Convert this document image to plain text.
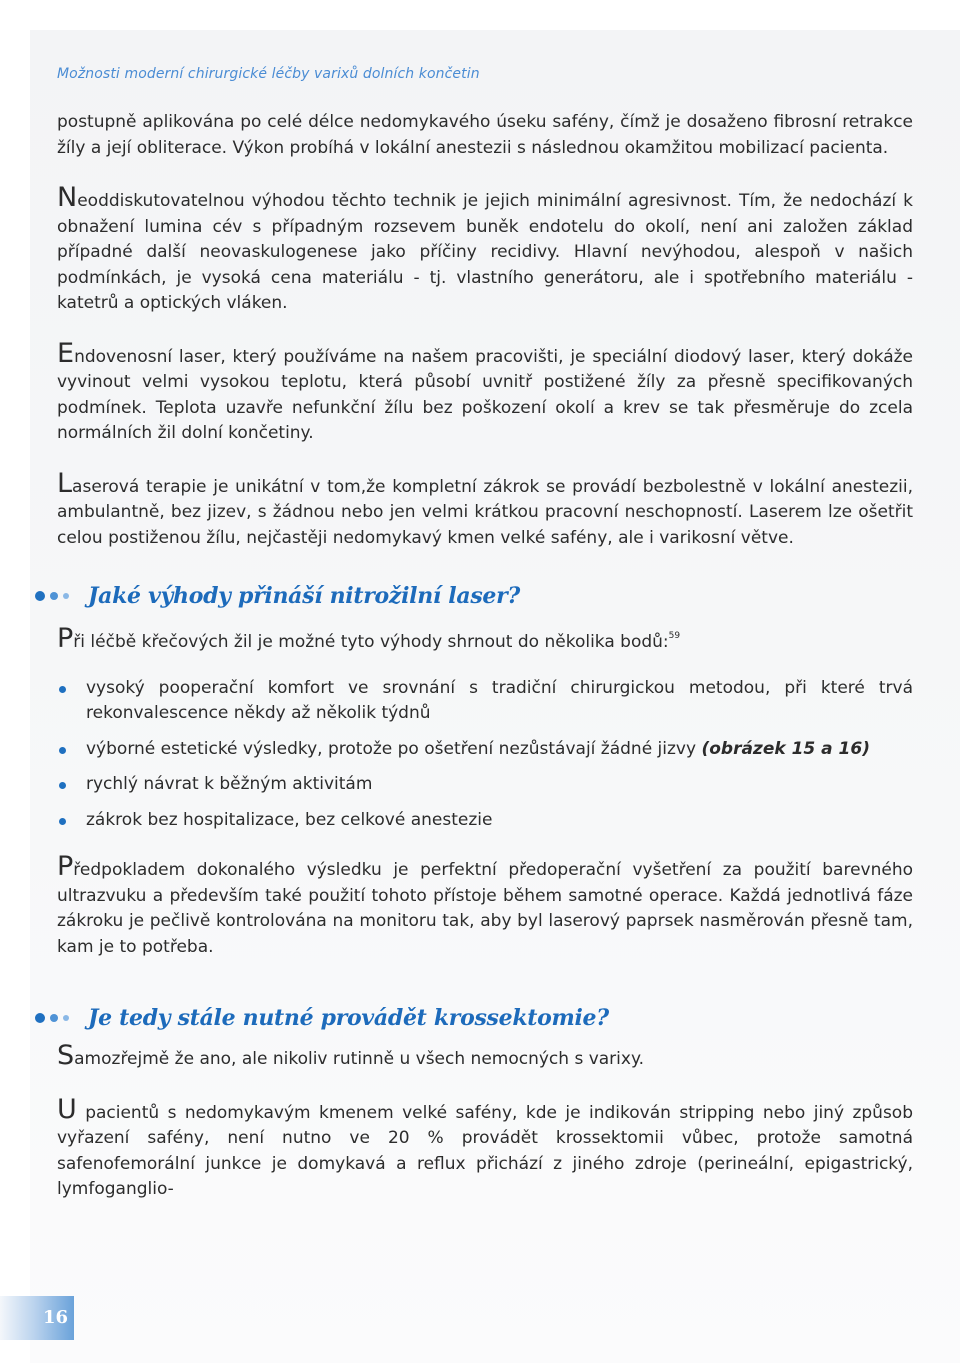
Možnosti moderní chirurgické léčby varixů dolních končetin

postupně aplikována po celé délce nedomykavého úseku safény, čímž je dosaženo fibrosní retrakce žíly a její obliterace. Výkon probíhá v lokální anestezii s následnou okamžitou mobilizací pacienta.

Neoddiskutovatelnou výhodou těchto technik je jejich minimální agresivnost. Tím, že nedochází k obnažení lumina cév s případným rozsevem buněk endotelu do okolí, není ani založen základ případné další neovaskulogenese jako příčiny recidivy. Hlavní nevýhodou, alespoň v našich podmínkách, je vysoká cena materiálu - tj. vlastního generátoru, ale i spotřebního materiálu - katetrů a optických vláken.

Endovenosní laser, který používáme na našem pracovišti, je speciální diodový laser, který dokáže vyvinout velmi vysokou teplotu, která působí uvnitř postižené žíly za přesně specifikovaných podmínek. Teplota uzavře nefunkční žílu bez poškození okolí a krev se tak přesměruje do zcela normálních žil dolní končetiny.

Laserová terapie je unikátní v tom,že kompletní zákrok se provádí bezbolestně v lokální anestezii, ambulantně, bez jizev, s žádnou nebo jen velmi krátkou pracovní neschopností. Laserem lze ošetřit celou postiženou žílu, nejčastěji nedomykavý kmen velké safény, ale i varikosní větve.

Jaké výhody přináší nitrožilní laser?

Při léčbě křečových žil je možné tyto výhody shrnout do několika bodů:$^{59}$

vysoký pooperační komfort ve srovnání s tradiční chirurgickou metodou, při které trvá rekonvalescence někdy až několik týdnů
výborné estetické výsledky, protože po ošetření nezůstávají žádné jizvy (obrázek 15 a 16)
rychlý návrat k běžným aktivitám
zákrok bez hospitalizace, bez celkové anestezie

Předpokladem dokonalého výsledku je perfektní předoperační vyšetření za použití barevného ultrazvuku a především také použití tohoto přístoje během samotné operace. Každá jednotlivá fáze zákroku je pečlivě kontrolována na monitoru tak, aby byl laserový paprsek nasměrován přesně tam, kam je to potřeba.

Je tedy stále nutné provádět krossektomie?

Samozřejmě že ano, ale nikoliv rutinně u všech nemocných s varixy.

U pacientů s nedomykavým kmenem velké safény, kde je indikován stripping nebo jiný způsob vyřazení safény, není nutno ve 20 % provádět krossektomii vůbec, protože samotná safenofemorální junkce je domykavá a reflux přichází z jiného zdroje (perineální, epigastrický, lymfoganglio-

16
